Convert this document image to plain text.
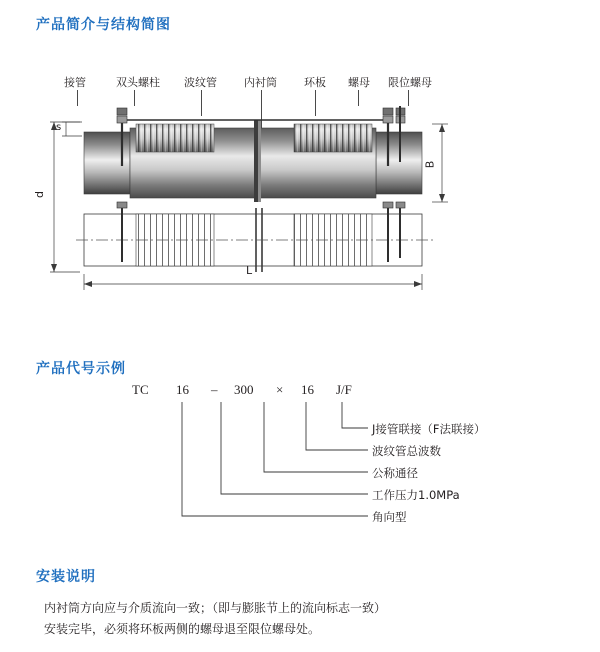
产品简介与结构简图
产品代号示例
安装说明
接管	双头螺柱 波纹管 内衬筒 环板 螺母 限位螺母
s
d
B
L
TC 16 – 300 × 16 J/F
J接管联接（F法联接）
波纹管总波数
公称通径
工作压力1.0MPa
角向型
内衬筒方向应与介质流向一致；（即与膨胀节上的流向标志一致）
安装完毕，必须将环板两侧的螺母退至限位螺母处。
